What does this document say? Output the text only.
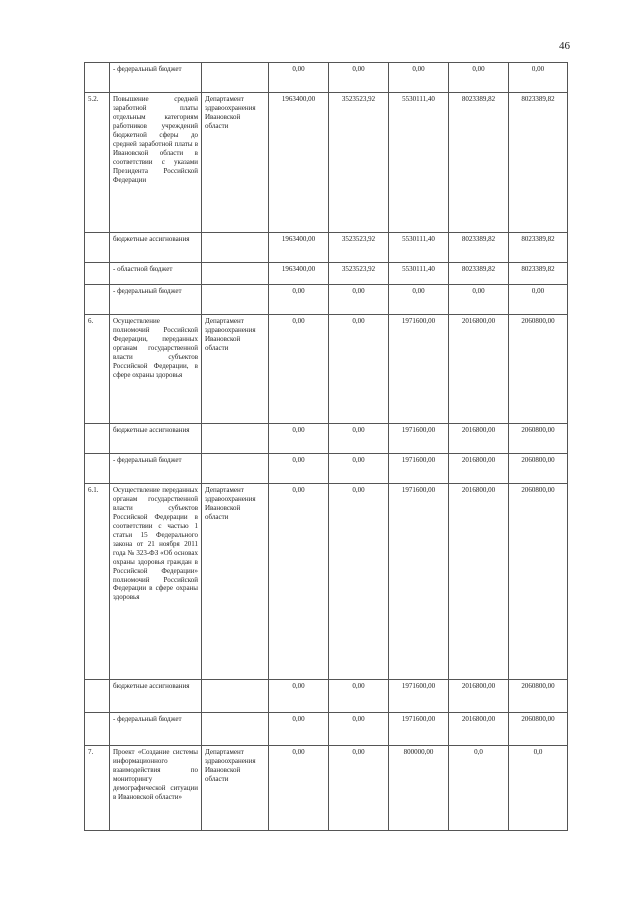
46
	- федеральный бюджет		0,00	0,00	0,00	0,00	0,00
5.2.	Повышение средней заработной платы отдельным категориям работников учреждений бюджетной сферы до средней заработной платы в Ивановской области в соответствии с указами Президента Российской Федерации	Департамент здравоохранения Ивановской области	1963400,00	3523523,92	5530111,40	8023389,82	8023389,82
	бюджетные ассигнования		1963400,00	3523523,92	5530111,40	8023389,82	8023389,82
	- областной бюджет		1963400,00	3523523,92	5530111,40	8023389,82	8023389,82
	- федеральный бюджет		0,00	0,00	0,00	0,00	0,00
6.	Осуществление полномочий Российской Федерации, переданных органам государственной власти субъектов Российской Федерации, в сфере охраны здоровья	Департамент здравоохранения Ивановской области	0,00	0,00	1971600,00	2016800,00	2060800,00
	бюджетные ассигнования		0,00	0,00	1971600,00	2016800,00	2060800,00
	- федеральный бюджет		0,00	0,00	1971600,00	2016800,00	2060800,00
6.1.	Осуществление переданных органам государственной власти субъектов Российской Федерации в соответствии с частью 1 статьи 15 Федерального закона от 21 ноября 2011 года № 323-ФЗ «Об основах охраны здоровья граждан в Российской Федерации» полномочий Российской Федерации в сфере охраны здоровья	Департамент здравоохранения Ивановской области	0,00	0,00	1971600,00	2016800,00	2060800,00
	бюджетные ассигнования		0,00	0,00	1971600,00	2016800,00	2060800,00
	- федеральный бюджет		0,00	0,00	1971600,00	2016800,00	2060800,00
7.	Проект «Создание системы информационного взаимодействия по мониторингу демографической ситуации в Ивановской области»	Департамент здравоохранения Ивановской области	0,00	0,00	800000,00	0,0	0,0
